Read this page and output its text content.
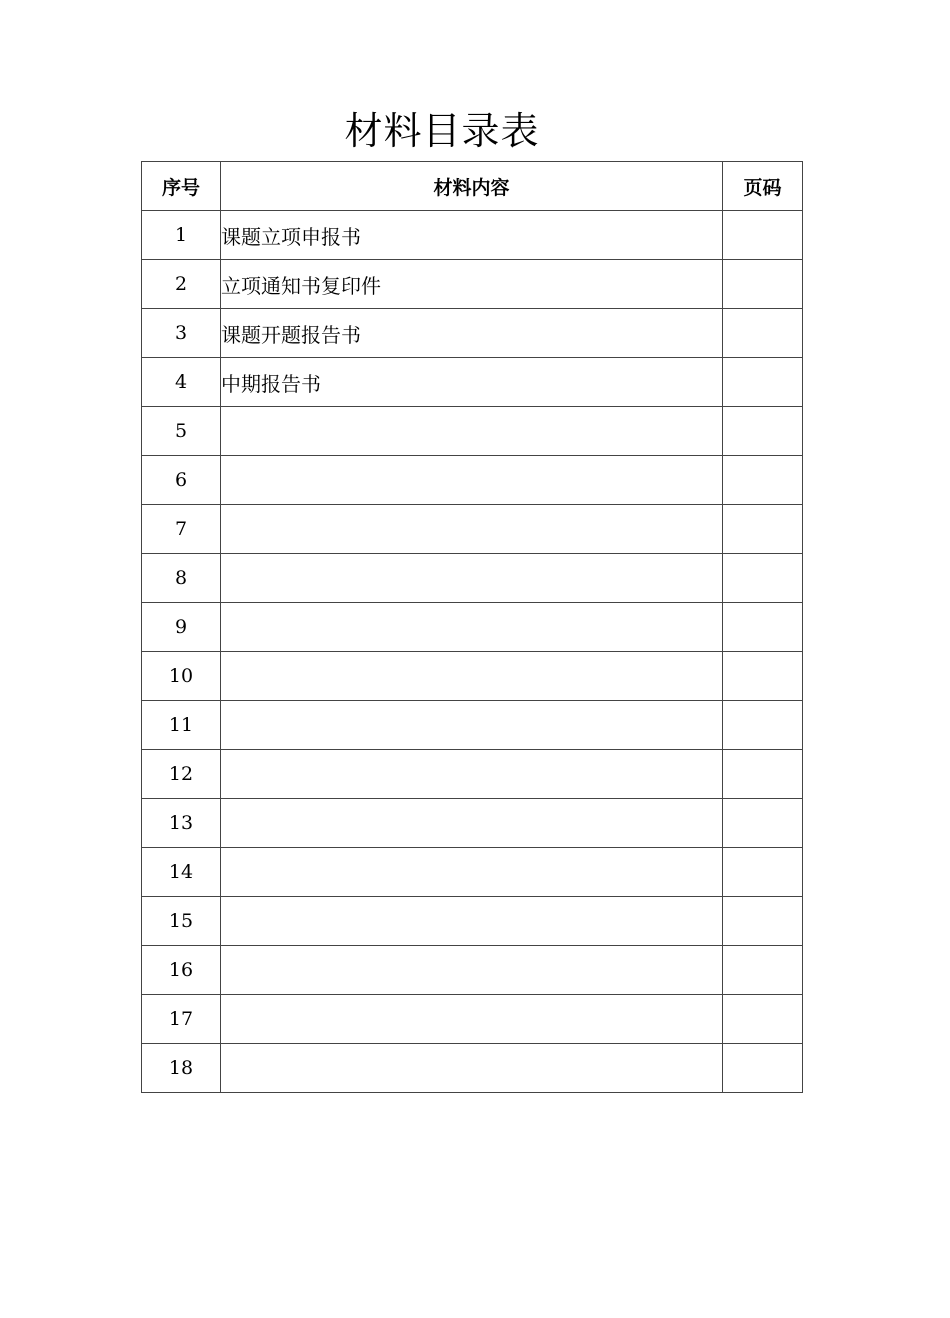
材料目录表
序号	材料内容	页码
1	课题立项申报书	
2	立项通知书复印件	
3	课题开题报告书	
4	中期报告书	
5		
6		
7		
8		
9		
10		
11		
12		
13		
14		
15		
16		
17		
18		
